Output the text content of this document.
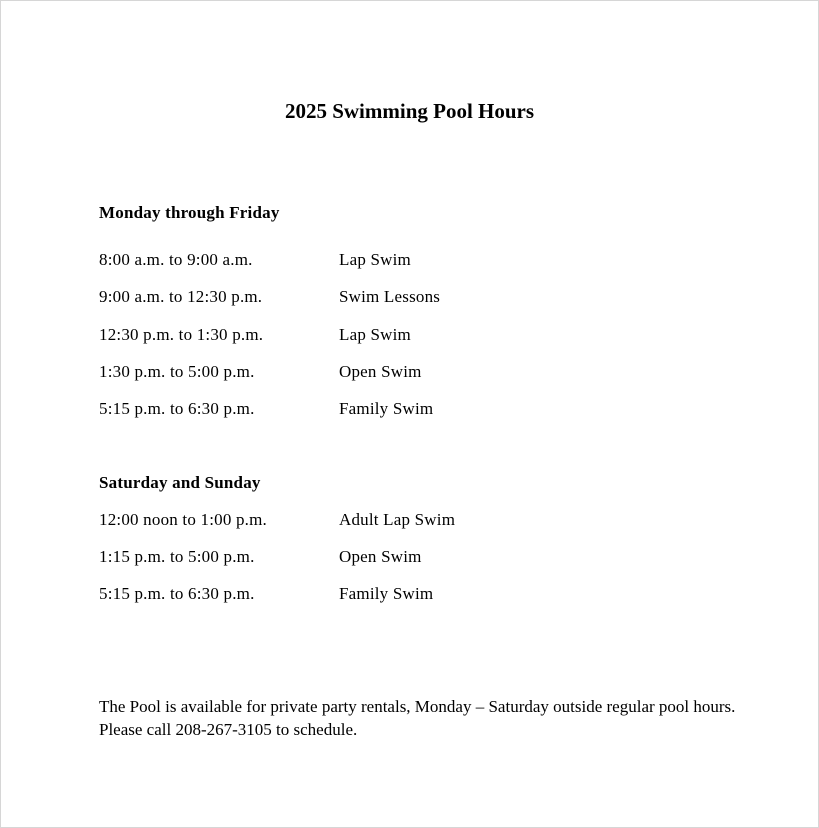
2025 Swimming Pool Hours
Monday through Friday
8:00 a.m. to 9:00 a.m.	Lap Swim
9:00 a.m. to 12:30 p.m.	Swim Lessons
12:30 p.m. to 1:30 p.m.	Lap Swim
1:30 p.m. to 5:00 p.m.	Open Swim
5:15 p.m. to 6:30 p.m.	Family Swim
Saturday and Sunday
12:00 noon to 1:00 p.m.	Adult Lap Swim
1:15 p.m. to 5:00 p.m.	Open Swim
5:15 p.m. to 6:30 p.m.	Family Swim
The Pool is available for private party rentals, Monday – Saturday outside regular pool hours. Please call 208-267-3105 to schedule.
